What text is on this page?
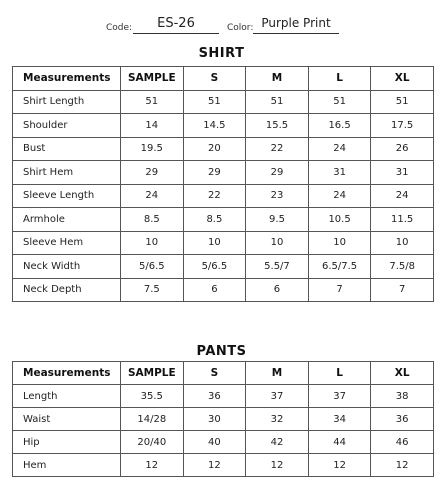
Code:	ES-26	Color: Purple Print
SHIRT
Measurements	SAMPLE	S	M	L	XL
Shirt Length	51	51	51	51	51
Shoulder	14	14.5	15.5	16.5	17.5
Bust	19.5	20	22	24	26
Shirt Hem	29	29	29	31	31
Sleeve Length	24	22	23	24	24
Armhole	8.5	8.5	9.5	10.5	11.5
Sleeve Hem	10	10	10	10	10
Neck Width	5/6.5	5/6.5	5.5/7	6.5/7.5	7.5/8
Neck Depth	7.5	6	6	7	7
PANTS
Measurements	SAMPLE	S	M	L	XL
Length	35.5	36	37	37	38
Waist	14/28	30	32	34	36
Hip	20/40	40	42	44	46
Hem	12	12	12	12	12
